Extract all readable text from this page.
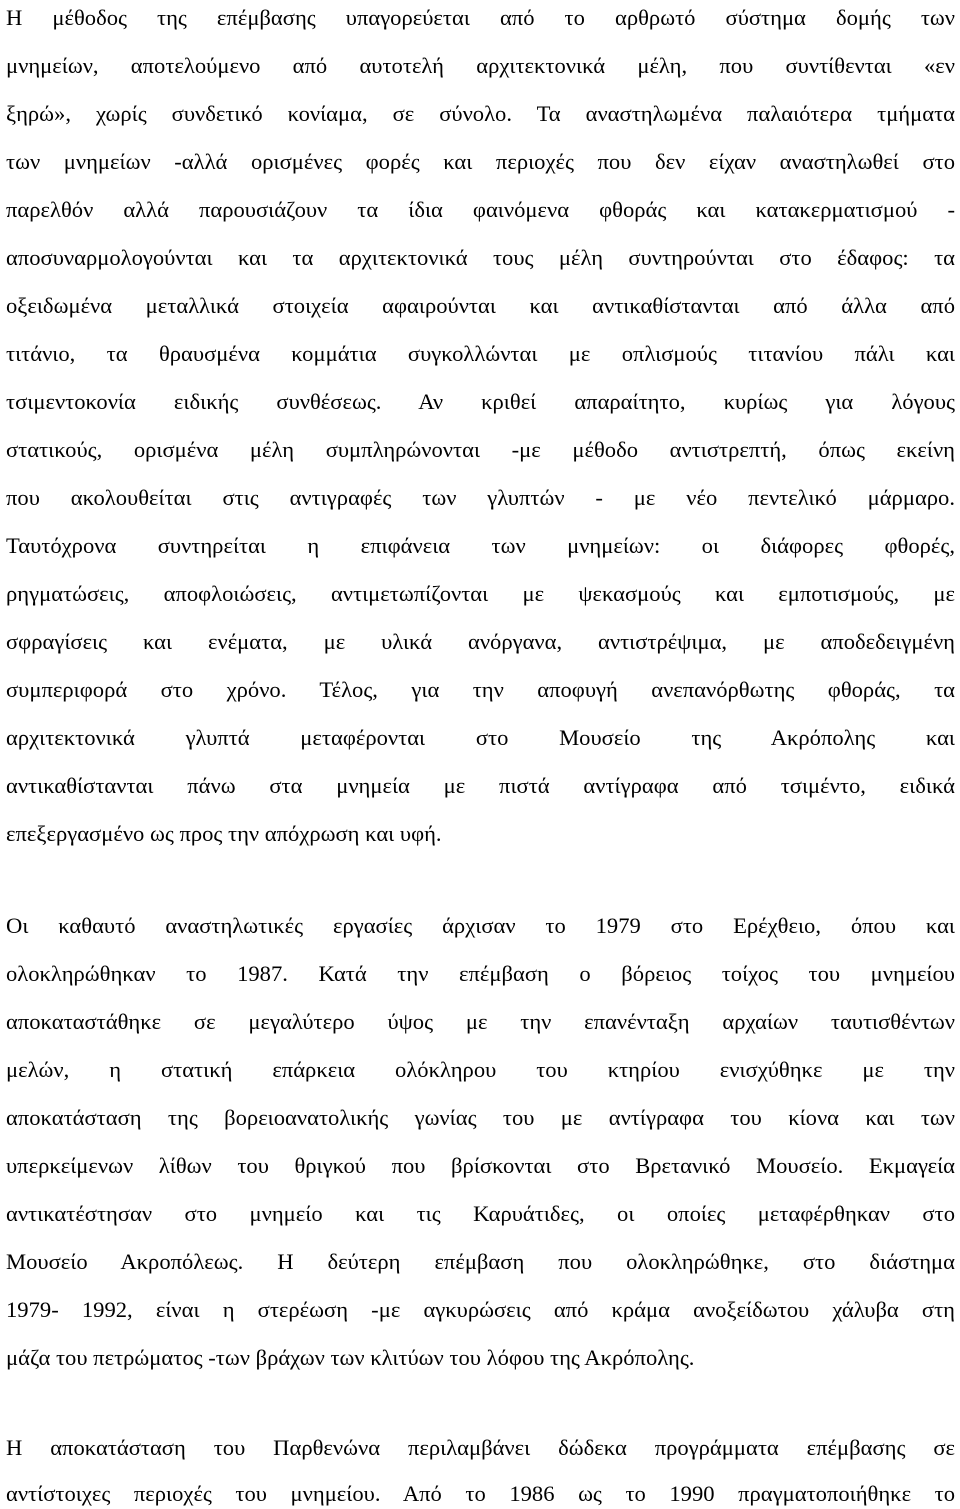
Η μέθοδος της επέμβασης υπαγορεύεται από το αρθρωτό σύστημα δομής των
μνημείων, αποτελούμενο από αυτοτελή αρχιτεκτονικά μέλη, που συντίθενται «εν
ξηρώ», χωρίς συνδετικό κονίαμα, σε σύνολο. Τα αναστηλωμένα παλαιότερα τμήματα
των μνημείων -αλλά ορισμένες φορές και περιοχές που δεν είχαν αναστηλωθεί στο
παρελθόν αλλά παρουσιάζουν τα ίδια φαινόμενα φθοράς και κατακερματισμού -
αποσυναρμολογούνται και τα αρχιτεκτονικά τους μέλη συντηρούνται στο έδαφος: τα
οξειδωμένα μεταλλικά στοιχεία αφαιρούνται και αντικαθίστανται από άλλα από
τιτάνιο, τα θραυσμένα κομμάτια συγκολλώνται με οπλισμούς τιτανίου πάλι και
τσιμεντοκονία ειδικής συνθέσεως. Αν κριθεί απαραίτητο, κυρίως για λόγους
στατικούς, ορισμένα μέλη συμπληρώνονται -με μέθοδο αντιστρεπτή, όπως εκείνη
που ακολουθείται στις αντιγραφές των γλυπτών - με νέο πεντελικό μάρμαρο.
Ταυτόχρονα συντηρείται η επιφάνεια των μνημείων: οι διάφορες φθορές,
ρηγματώσεις, αποφλοιώσεις, αντιμετωπίζονται με ψεκασμούς και εμποτισμούς, με
σφραγίσεις και ενέματα, με υλικά ανόργανα, αντιστρέψιμα, με αποδεδειγμένη
συμπεριφορά στο χρόνο. Τέλος, για την αποφυγή ανεπανόρθωτης φθοράς, τα
αρχιτεκτονικά γλυπτά μεταφέρονται στο Μουσείο της Ακρόπολης και
αντικαθίστανται πάνω στα μνημεία με πιστά αντίγραφα από τσιμέντο, ειδικά
επεξεργασμένο ως προς την απόχρωση και υφή.
Οι καθαυτό αναστηλωτικές εργασίες άρχισαν το 1979 στο Ερέχθειο, όπου και
ολοκληρώθηκαν το 1987. Κατά την επέμβαση ο βόρειος τοίχος του μνημείου
αποκαταστάθηκε σε μεγαλύτερο ύψος με την επανένταξη αρχαίων ταυτισθέντων
μελών, η στατική επάρκεια ολόκληρου του κτηρίου ενισχύθηκε με την
αποκατάσταση της βορειοανατολικής γωνίας του με αντίγραφα του κίονα και των
υπερκείμενων λίθων του θριγκού που βρίσκονται στο Βρετανικό Μουσείο. Εκμαγεία
αντικατέστησαν στο μνημείο και τις Καρυάτιδες, οι οποίες μεταφέρθηκαν στο
Μουσείο Ακροπόλεως. Η δεύτερη επέμβαση που ολοκληρώθηκε, στο διάστημα
1979- 1992, είναι η στερέωση -με αγκυρώσεις από κράμα ανοξείδωτου χάλυβα στη
μάζα του πετρώματος -των βράχων των κλιτύων του λόφου της Ακρόπολης.
Η αποκατάσταση του Παρθενώνα περιλαμβάνει δώδεκα προγράμματα επέμβασης σε
αντίστοιχες περιοχές του μνημείου. Από το 1986 ως το 1990 πραγματοποιήθηκε το
